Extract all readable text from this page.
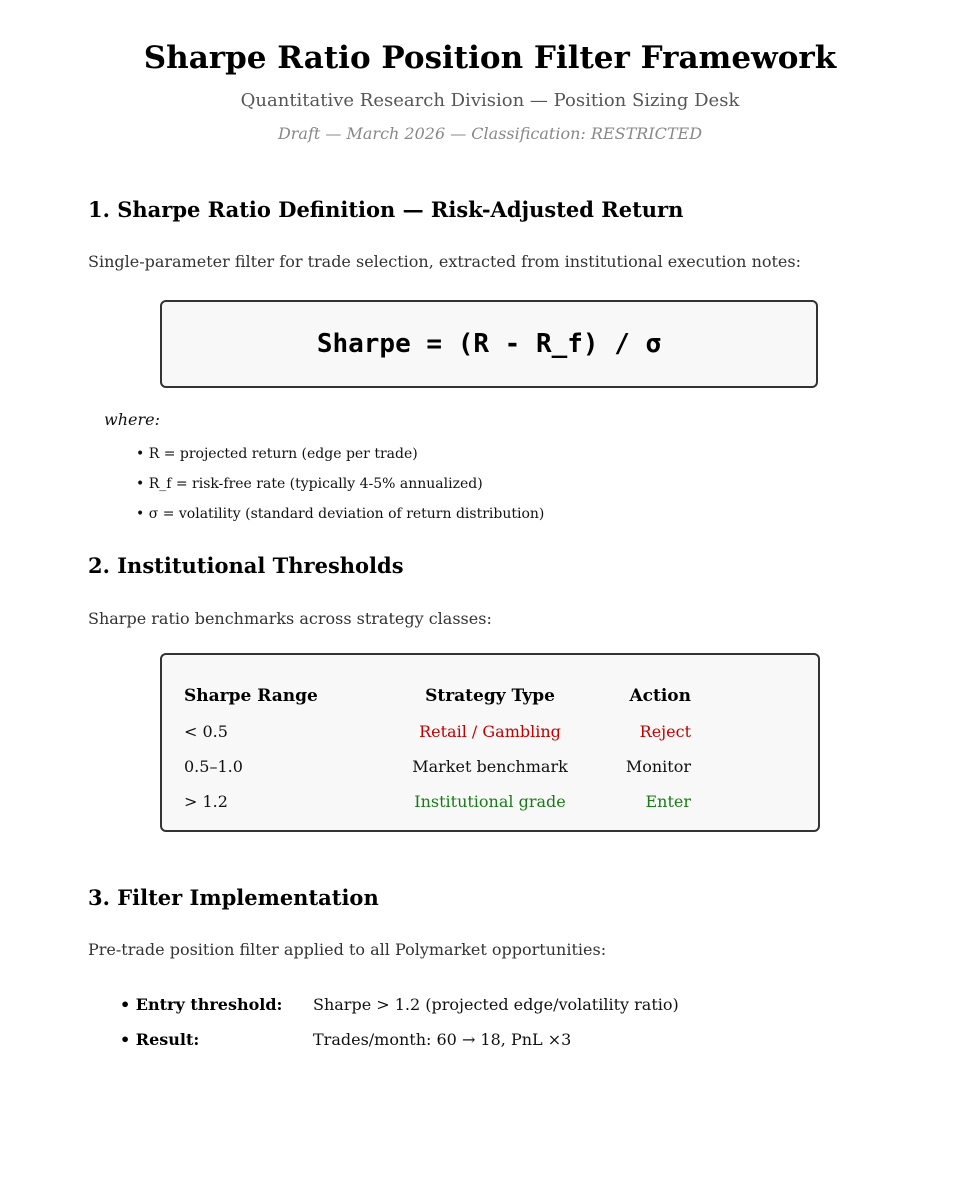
Sharpe Ratio Position Filter Framework
Quantitative Research Division — Position Sizing Desk
Draft — March 2026 — Classification: RESTRICTED
1. Sharpe Ratio Definition — Risk-Adjusted Return
Single-parameter filter for trade selection, extracted from institutional execution notes:
Sharpe = (R - R_f) / σ
where:
• R = projected return (edge per trade)
• R_f = risk-free rate (typically 4-5% annualized)
• σ = volatility (standard deviation of return distribution)
2. Institutional Thresholds
Sharpe ratio benchmarks across strategy classes:
Sharpe Range	Strategy Type	Action
< 0.5	Retail / Gambling	Reject
0.5–1.0	Market benchmark	Monitor
> 1.2	Institutional grade	Enter
3. Filter Implementation
Pre-trade position filter applied to all Polymarket opportunities:
• Entry threshold: Sharpe > 1.2 (projected edge/volatility ratio)
• Result:	Trades/month: 60 → 18, PnL ×3
